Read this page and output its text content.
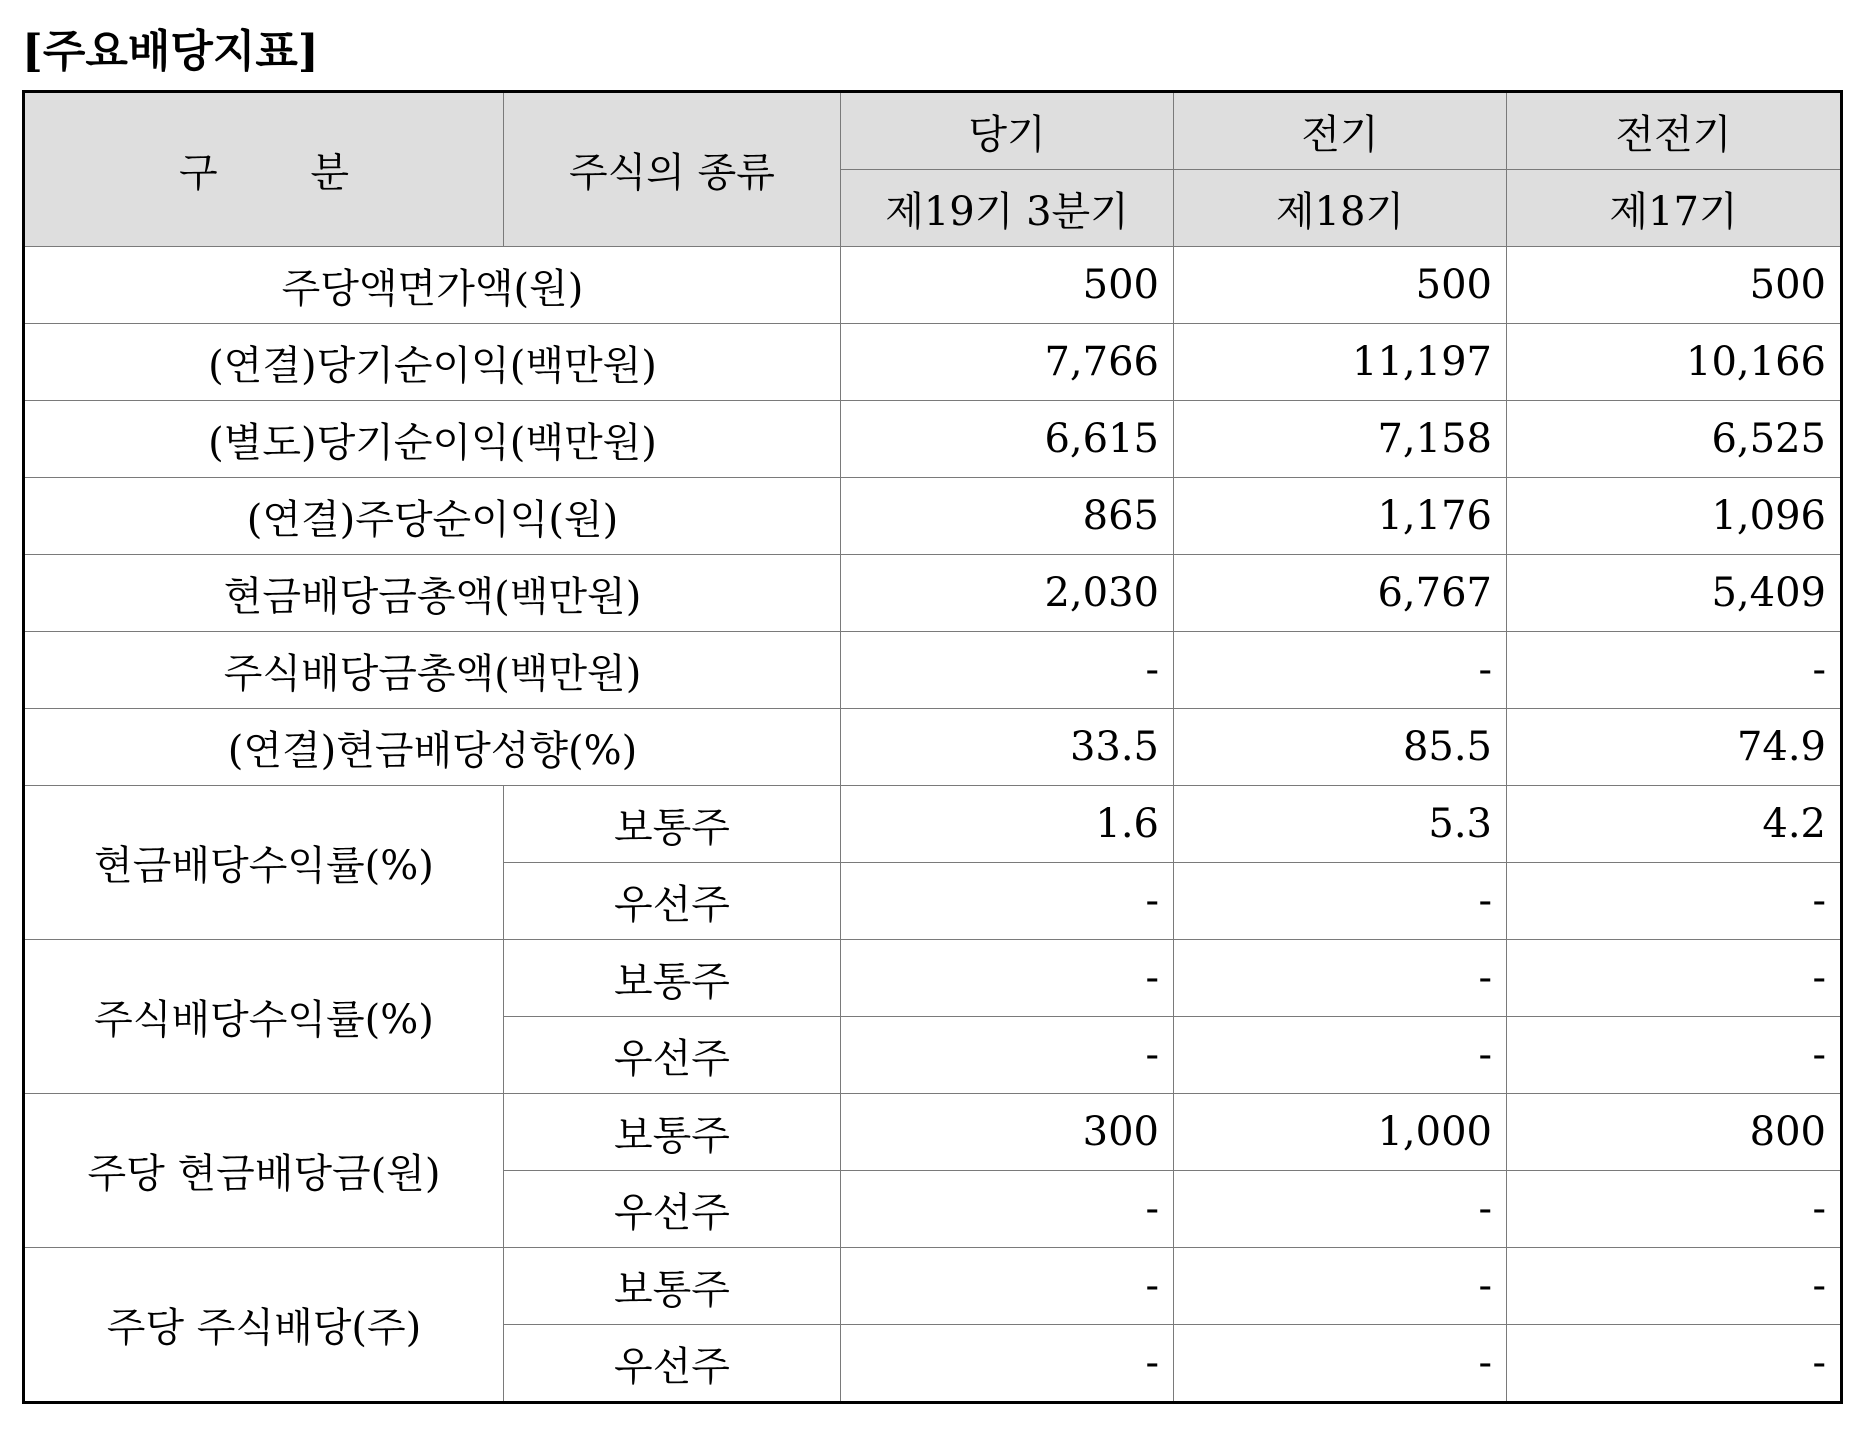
[주요배당지표]
구 분	주식의 종류	당기	전기	전전기
		제19기 3분기	제18기	제17기
주당액면가액(원)		500	500	500
(연결)당기순이익(백만원)		7,766	11,197	10,166
(별도)당기순이익(백만원)		6,615	7,158	6,525
(연결)주당순이익(원)		865	1,176	1,096
현금배당금총액(백만원)		2,030	6,767	5,409
주식배당금총액(백만원)		-	-	-
(연결)현금배당성향(%)		33.5	85.5	74.9
현금배당수익률(%)	보통주	1.6	5.3	4.2
	우선주	-	-	-
주식배당수익률(%)	보통주	-	-	-
	우선주	-	-	-
주당 현금배당금(원)	보통주	300	1,000	800
	우선주	-	-	-
주당 주식배당(주)	보통주	-	-	-
	우선주	-	-	-
